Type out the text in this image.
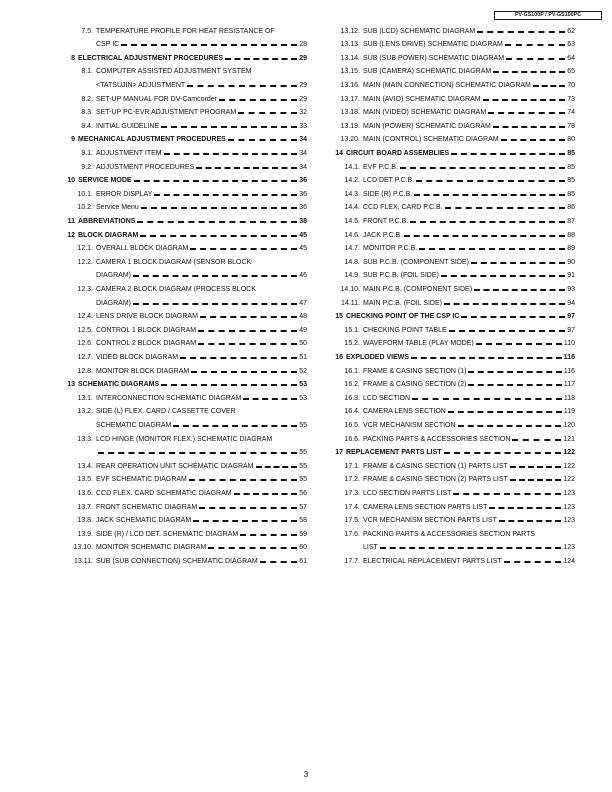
PV-GS100P / PV-GS100PC
7.5. TEMPERATURE PROFILE FOR HEAT RESISTANCE OF
CSP IC	28
8 ELECTRICAL ADJUSTMENT PROCEDURES	29
8.1. COMPUTER ASSISTED ADJUSTMENT SYSTEM
<TATSUJIN> ADJUSTMENT	29
8.2. SET-UP MANUAL FOR DV-Camcorder	29
8.3. SET-UP PC-EVR ADJUSTMENT PROGRAM	32
8.4. INITIAL GUIDELINE	33
9 MECHANICAL ADJUSTMENT PROCEDURES	34
9.1. ADJUSTMENT ITEM	34
9.2. ADJUSTMENT PROCEDURES	34
10 SERVICE MODE	36
10.1. ERROR DISPLAY	36
10.2. Service Menu	36
11 ABBREVIATIONS	38
12 BLOCK DIAGRAM	45
12.1. OVERALL BLOCK DIAGRAM	45
12.2. CAMERA 1 BLOCK DIAGRAM (SENSOR BLOCK
DIAGRAM)	46
12.3. CAMERA 2 BLOCK DIAGRAM (PROCESS BLOCK
DIAGRAM)	47
12.4. LENS DRIVE BLOCK DIAGRAM	48
12.5. CONTROL 1 BLOCK DIAGRAM	49
12.6. CONTROL 2 BLOCK DIAGRAM	50
12.7. VIDEO BLOCK DIAGRAM	51
12.8. MONITOR BLOCK DIAGRAM	52
13 SCHEMATIC DIAGRAMS	53
13.1. INTERCONNECTION SCHEMATIC DIAGRAM	53
13.2. SIDE (L) FLEX. CARD / CASSETTE COVER
SCHEMATIC DIAGRAM	55
13.3. LCD HINGE (MONITOR FLEX.) SCHEMATIC DIAGRAM
55
13.4. REAR OPERATION UNIT SCHEMATIC DIAGRAM	55
13.5. EVF SCHEMATIC DIAGRAM	55
13.6. CCD FLEX. CARD SCHEMATIC DIAGRAM	56
13.7. FRONT SCHEMATIC DIAGRAM	57
13.8. JACK SCHEMATIC DIAGRAM	58
13.9. SIDE (R) / LCD DET. SCHEMATIC DIAGRAM	59
13.10. MONITOR SCHEMATIC DIAGRAM	60
13.11. SUB (SUB CONNECTION) SCHEMATIC DIAGRAM	61
13.12. SUB (LCD) SCHEMATIC DIAGRAM	62
13.13. SUB (LENS DRIVE) SCHEMATIC DIAGRAM	63
13.14. SUB (SUB POWER) SCHEMATIC DIAGRAM	64
13.15. SUB (CAMERA) SCHEMATIC DIAGRAM	65
13.16. MAIN (MAIN CONNECTION) SCHEMATIC DIAGRAM	70
13.17. MAIN (AVIO) SCHEMATIC DIAGRAM	73
13.18. MAIN (VIDEO) SCHEMATIC DIAGRAM	74
13.19. MAIN (POWER) SCHEMATIC DIAGRAM	78
13.20. MAIN (CONTROL) SCHEMATIC DIAGRAM	80
14 CIRCUIT BOARD ASSEMBLIES	85
14.1. EVF P.C.B.	85
14.2. LCD DET P.C.B.	85
14.3. SIDE (R) P.C.B.	85
14.4. CCD FLEX. CARD P.C.B.	86
14.5. FRONT P.C.B.	87
14.6. JACK P.C.B.	88
14.7. MONITOR P.C.B.	89
14.8. SUB P.C.B. (COMPONENT SIDE)	90
14.9. SUB P.C.B. (FOIL SIDE)	91
14.10. MAIN P.C.B. (COMPONENT SIDE)	93
14.11. MAIN P.C.B. (FOIL SIDE)	94
15 CHECKING POINT OF THE CSP IC	97
15.1. CHECKING POINT TABLE	97
15.2. WAVEFORM TABLE (PLAY MODE)	110
16 EXPLODED VIEWS	116
16.1. FRAME & CASING SECTION (1)	116
16.2. FRAME & CASING SECTION (2)	117
16.3. LCD SECTION	118
16.4. CAMERA LENS SECTION	119
16.5. VCR MECHANISM SECTION	120
16.6. PACKING PARTS & ACCESSORIES SECTION	121
17 REPLACEMENT PARTS LIST	122
17.1. FRAME & CASING SECTION (1) PARTS LIST	122
17.2. FRAME & CASING SECTION (2) PARTS LIST	122
17.3. LCD SECTION PARTS LIST	123
17.4. CAMERA LENS SECTION PARTS LIST	123
17.5. VCR MECHANISM SECTION PARTS LIST	123
17.6. PACKING PARTS & ACCESSORIES SECTION PARTS
LIST	123
17.7. ELECTRICAL REPLACEMENT PARTS LIST	124
3
